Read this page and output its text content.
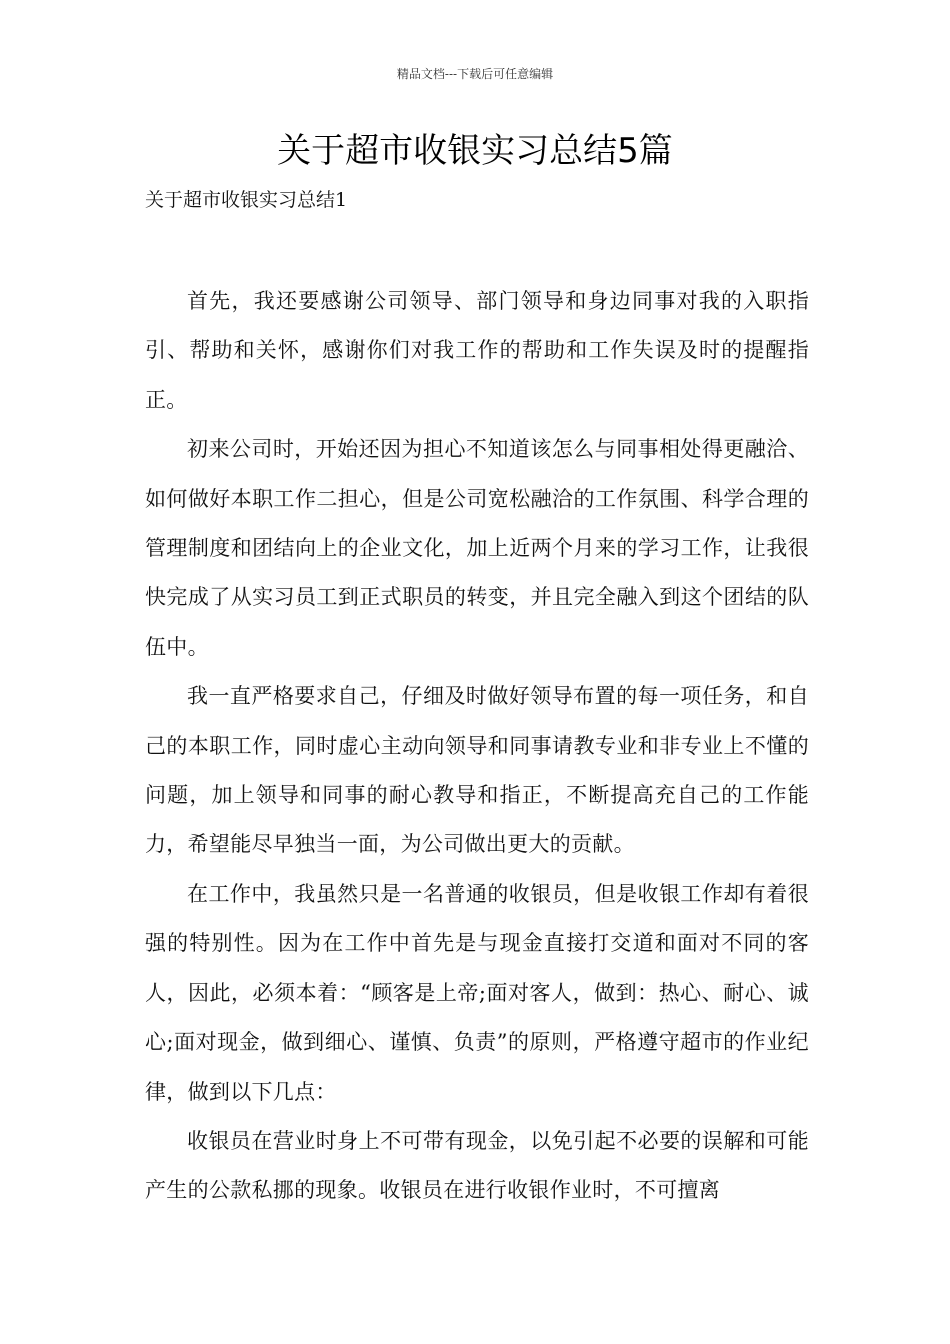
精品文档---下载后可任意编辑
关于超市收银实习总结5篇
关于超市收银实习总结1

首先，我还要感谢公司领导、部门领导和身边同事对我的入职指引、帮助和关怀，感谢你们对我工作的帮助和工作失误及时的提醒指正。

初来公司时，开始还因为担心不知道该怎么与同事相处得更融洽、如何做好本职工作二担心，但是公司宽松融洽的工作氛围、科学合理的管理制度和团结向上的企业文化，加上近两个月来的学习工作，让我很快完成了从实习员工到正式职员的转变，并且完全融入到这个团结的队伍中。

我一直严格要求自己，仔细及时做好领导布置的每一项任务，和自己的本职工作，同时虚心主动向领导和同事请教专业和非专业上不懂的问题，加上领导和同事的耐心教导和指正，不断提高充自己的工作能力，希望能尽早独当一面，为公司做出更大的贡献。

在工作中，我虽然只是一名普通的收银员，但是收银工作却有着很强的特别性。因为在工作中首先是与现金直接打交道和面对不同的客人，因此，必须本着：“顾客是上帝;面对客人，做到：热心、耐心、诚心;面对现金，做到细心、谨慎、负责”的原则，严格遵守超市的作业纪律，做到以下几点：

收银员在营业时身上不可带有现金，以免引起不必要的误解和可能产生的公款私挪的现象。收银员在进行收银作业时，不可擅离
